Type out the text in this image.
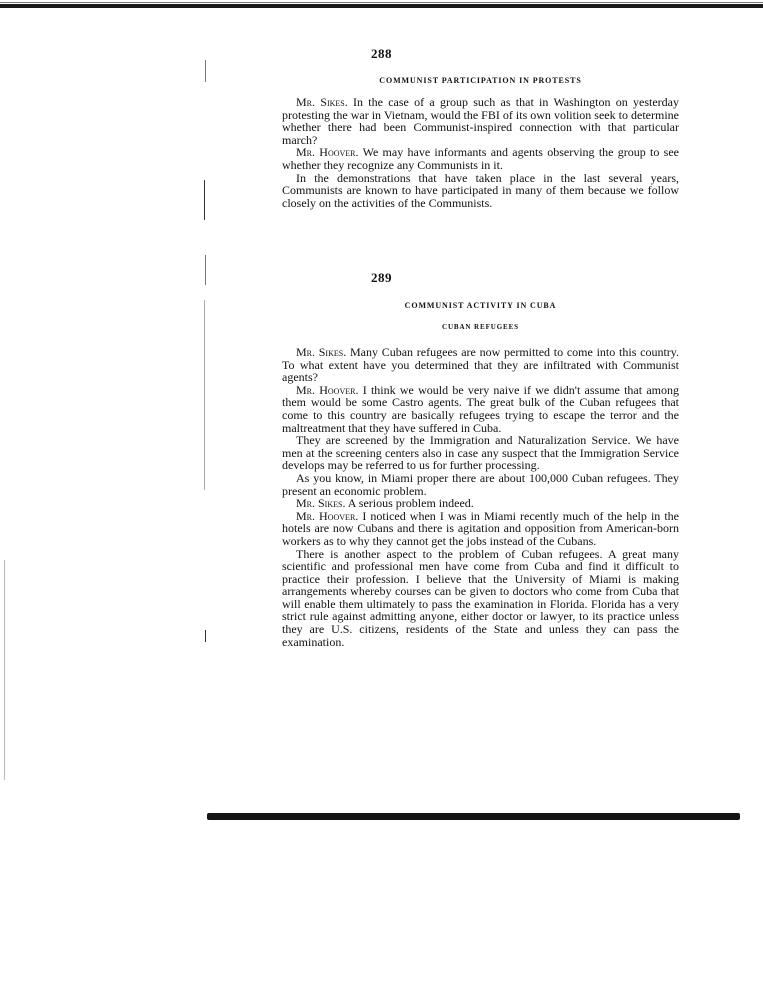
288
COMMUNIST PARTICIPATION IN PROTESTS

Mr. Sikes. In the case of a group such as that in Washington on yesterday protesting the war in Vietnam, would the FBI of its own volition seek to determine whether there had been Communist-inspired connection with that particular march?

Mr. Hoover. We may have informants and agents observing the group to see whether they recognize any Communists in it.

In the demonstrations that have taken place in the last several years, Communists are known to have participated in many of them because we follow closely on the activities of the Communists.

289
COMMUNIST ACTIVITY IN CUBA
CUBAN REFUGEES

Mr. Sikes. Many Cuban refugees are now permitted to come into this country. To what extent have you determined that they are infiltrated with Communist agents?

Mr. Hoover. I think we would be very naive if we didn't assume that among them would be some Castro agents. The great bulk of the Cuban refugees that come to this country are basically refugees trying to escape the terror and the maltreatment that they have suffered in Cuba.

They are screened by the Immigration and Naturalization Service. We have men at the screening centers also in case any suspect that the Immigration Service develops may be referred to us for further processing.

As you know, in Miami proper there are about 100,000 Cuban refugees. They present an economic problem.

Mr. Sikes. A serious problem indeed.

Mr. Hoover. I noticed when I was in Miami recently much of the help in the hotels are now Cubans and there is agitation and opposition from American-born workers as to why they cannot get the jobs instead of the Cubans.

There is another aspect to the problem of Cuban refugees. A great many scientific and professional men have come from Cuba and find it difficult to practice their profession. I believe that the University of Miami is making arrangements whereby courses can be given to doctors who come from Cuba that will enable them ultimately to pass the examination in Florida. Florida has a very strict rule against admitting anyone, either doctor or lawyer, to its practice unless they are U.S. citizens, residents of the State and unless they can pass the examination.
